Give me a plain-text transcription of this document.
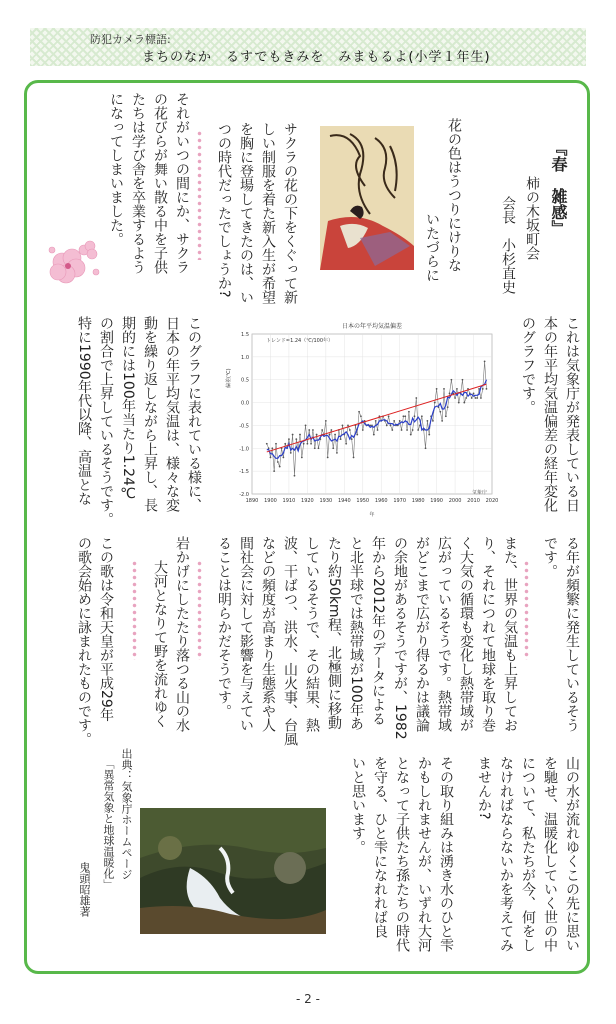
防犯カメラ標語:
まちのなか　るすでもきみを　みまもるよ(小学１年生)
『春　雑感』
柿の木坂町会
会長　小杉直史
花の色はうつりにけりな
いたづらに
サクラの花の下をくぐって新
しい制服を着た新入生が希望
を胸に登場してきたのは、い
つの時代だったでしょうか?
それがいつの間にか、サクラ
の花びらが舞い散る中を子供
たちは学び舎を卒業するよう
になってしまいました。
これは気象庁が発表している日
本の年平均気温偏差の経年変化
のグラフです。
日本の年平均気温偏差
トレンド=1.24（℃/100年）
偏差(℃)
年
気象庁
-2.0
-1.5
-1.0
-0.5
0.0
0.5
1.0
1.5
1890 1900 1910 1920 1930 1940 1950 1960 1970 1980 1990 2000 2010 2020
このグラフに表れている様に、
日本の年平均気温は、様々な変
動を繰り返しながら上昇し、長
期的には100年当たり1.24℃
の割合で上昇しているそうです。
特に1990年代以降、高温とな
る年が頻繁に発生しているそう
です。
また、世界の気温も上昇してお
り、それにつれて地球を取り巻
く大気の循環も変化し熱帯域が
広がっているそうです。熱帯域
がどこまで広がり得るかは議論
の余地があるそうですが、1982
年から2012年のデータによる
と北半球では熱帯域が100年あ
たり約50km程、北極側に移動
しているそうで、その結果、熱
波、干ばつ、洪水、山火事、台風
などの頻度が高まり生態系や人
間社会に対して影響を与えてい
ることは明らかだそうです。
岩かげにしたたり落つる山の水
大河となりて野を流れゆく
この歌は令和天皇が平成29年
の歌会始めに詠まれたものです。
山の水が流れゆくこの先に思い
を馳せ、温暖化していく世の中
について、私たちが今、何をし
なければならないかを考えてみ
ませんか?
その取り組みは湧き水のひと雫
かもしれませんが、いずれ大河
となって子供たち孫たちの時代
を守る、ひと雫になれれば良
いと思います。
出典：気象庁ホームページ
「異常気象と地球温暖化」
鬼頭昭雄著
- 2 -
